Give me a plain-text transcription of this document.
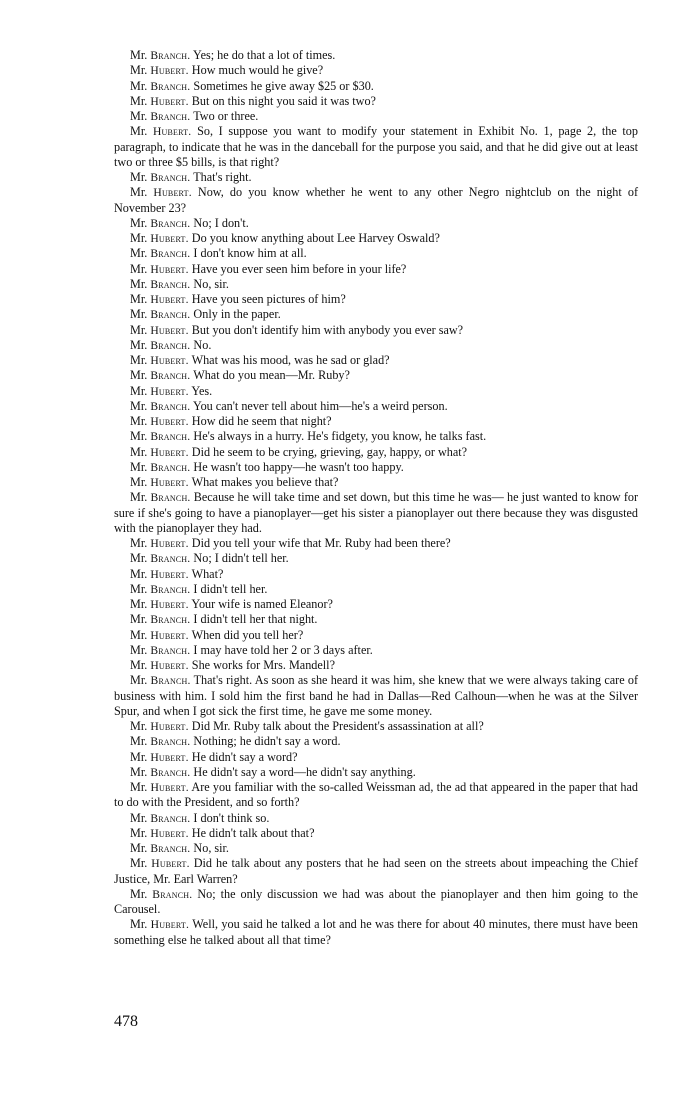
Mr. Branch. Yes; he do that a lot of times.

Mr. Hubert. How much would he give?

Mr. Branch. Sometimes he give away $25 or $30.

Mr. Hubert. But on this night you said it was two?

Mr. Branch. Two or three.

Mr. Hubert. So, I suppose you want to modify your statement in Exhibit No. 1, page 2, the top paragraph, to indicate that he was in the danceball for the purpose you said, and that he did give out at least two or three $5 bills, is that right?

Mr. Branch. That's right.

Mr. Hubert. Now, do you know whether he went to any other Negro nightclub on the night of November 23?

Mr. Branch. No; I don't.

Mr. Hubert. Do you know anything about Lee Harvey Oswald?

Mr. Branch. I don't know him at all.

Mr. Hubert. Have you ever seen him before in your life?

Mr. Branch. No, sir.

Mr. Hubert. Have you seen pictures of him?

Mr. Branch. Only in the paper.

Mr. Hubert. But you don't identify him with anybody you ever saw?

Mr. Branch. No.

Mr. Hubert. What was his mood, was he sad or glad?

Mr. Branch. What do you mean—Mr. Ruby?

Mr. Hubert. Yes.

Mr. Branch. You can't never tell about him—he's a weird person.

Mr. Hubert. How did he seem that night?

Mr. Branch. He's always in a hurry. He's fidgety, you know, he talks fast.

Mr. Hubert. Did he seem to be crying, grieving, gay, happy, or what?

Mr. Branch. He wasn't too happy—he wasn't too happy.

Mr. Hubert. What makes you believe that?

Mr. Branch. Because he will take time and set down, but this time he was— he just wanted to know for sure if she's going to have a pianoplayer—get his sister a pianoplayer out there because they was disgusted with the pianoplayer they had.

Mr. Hubert. Did you tell your wife that Mr. Ruby had been there?

Mr. Branch. No; I didn't tell her.

Mr. Hubert. What?

Mr. Branch. I didn't tell her.

Mr. Hubert. Your wife is named Eleanor?

Mr. Branch. I didn't tell her that night.

Mr. Hubert. When did you tell her?

Mr. Branch. I may have told her 2 or 3 days after.

Mr. Hubert. She works for Mrs. Mandell?

Mr. Branch. That's right. As soon as she heard it was him, she knew that we were always taking care of business with him. I sold him the first band he had in Dallas—Red Calhoun—when he was at the Silver Spur, and when I got sick the first time, he gave me some money.

Mr. Hubert. Did Mr. Ruby talk about the President's assassination at all?

Mr. Branch. Nothing; he didn't say a word.

Mr. Hubert. He didn't say a word?

Mr. Branch. He didn't say a word—he didn't say anything.

Mr. Hubert. Are you familiar with the so-called Weissman ad, the ad that appeared in the paper that had to do with the President, and so forth?

Mr. Branch. I don't think so.

Mr. Hubert. He didn't talk about that?

Mr. Branch. No, sir.

Mr. Hubert. Did he talk about any posters that he had seen on the streets about impeaching the Chief Justice, Mr. Earl Warren?

Mr. Branch. No; the only discussion we had was about the pianoplayer and then him going to the Carousel.

Mr. Hubert. Well, you said he talked a lot and he was there for about 40 minutes, there must have been something else he talked about all that time?

478
